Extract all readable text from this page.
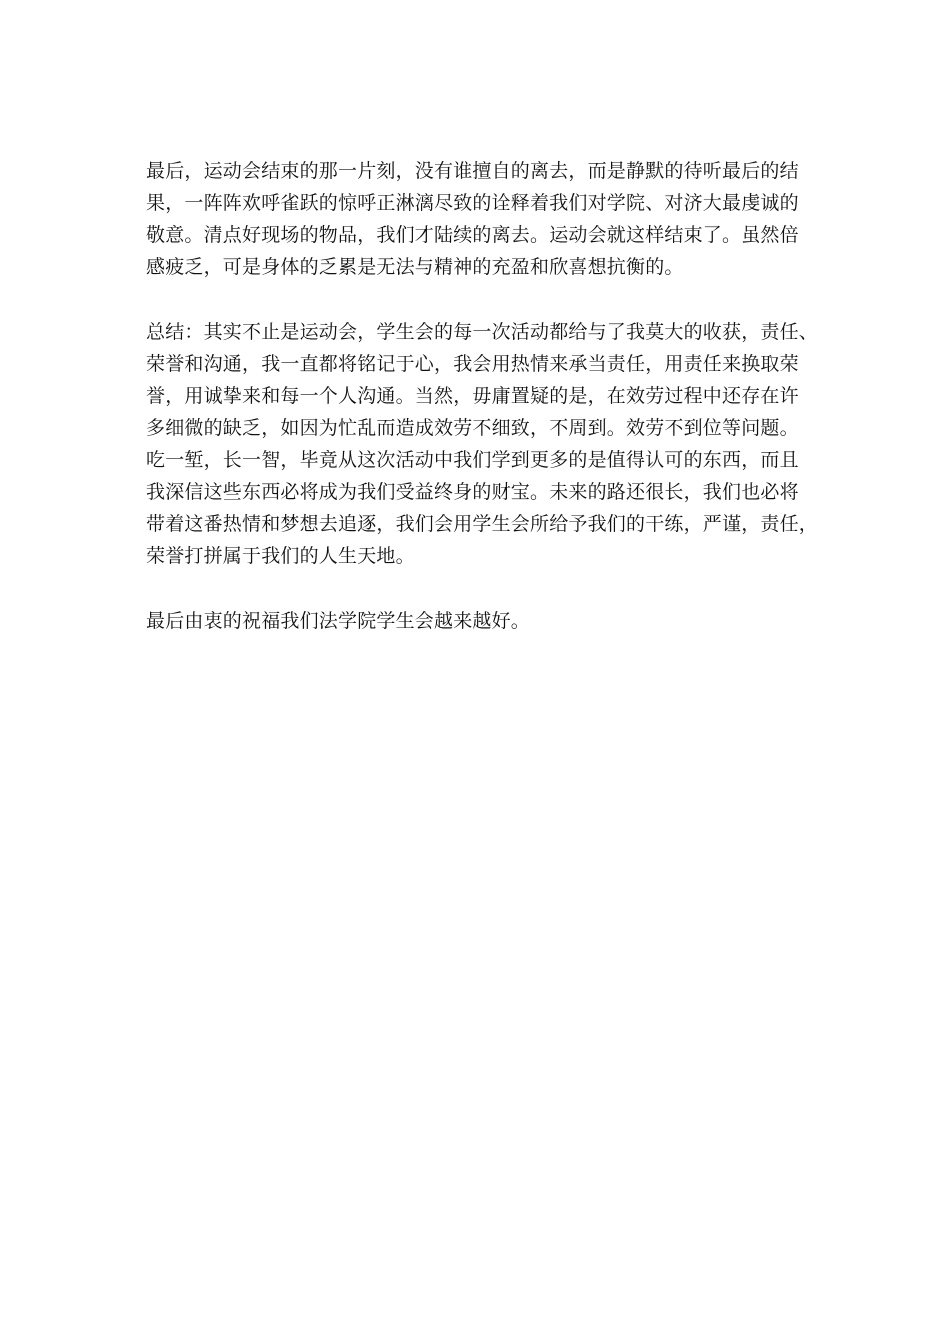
最后，运动会结束的那一片刻，没有谁擅自的离去，而是静默的待听最后的结
果，一阵阵欢呼雀跃的惊呼正淋漓尽致的诠释着我们对学院、对济大最虔诚的
敬意。清点好现场的物品，我们才陆续的离去。运动会就这样结束了。虽然倍
感疲乏，可是身体的乏累是无法与精神的充盈和欣喜想抗衡的。
总结：其实不止是运动会，学生会的每一次活动都给与了我莫大的收获，责任、
荣誉和沟通，我一直都将铭记于心，我会用热情来承当责任，用责任来换取荣
誉，用诚挚来和每一个人沟通。当然，毋庸置疑的是，在效劳过程中还存在许
多细微的缺乏，如因为忙乱而造成效劳不细致，不周到。效劳不到位等问题。
吃一堑，长一智，毕竟从这次活动中我们学到更多的是值得认可的东西，而且
我深信这些东西必将成为我们受益终身的财宝。未来的路还很长，我们也必将
带着这番热情和梦想去追逐，我们会用学生会所给予我们的干练，严谨，责任，
荣誉打拼属于我们的人生天地。
最后由衷的祝福我们法学院学生会越来越好。
